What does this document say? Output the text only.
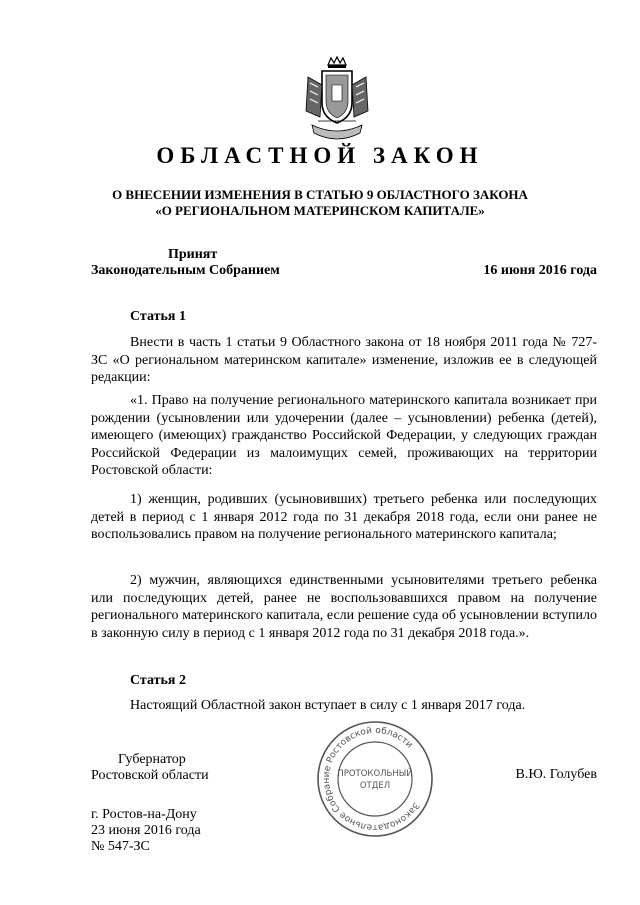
ОБЛАСТНОЙ ЗАКОН
О ВНЕСЕНИИ ИЗМЕНЕНИЯ В СТАТЬЮ 9 ОБЛАСТНОГО ЗАКОНА
«О РЕГИОНАЛЬНОМ МАТЕРИНСКОМ КАПИТАЛЕ»
Принят
Законодательным Собранием	16 июня 2016 года
Статья 1
Внести в часть 1 статьи 9 Областного закона от 18 ноября 2011 года № 727-ЗС «О региональном материнском капитале» изменение, изложив ее в следующей редакции:
«1. Право на получение регионального материнского капитала возникает при рождении (усыновлении или удочерении (далее – усыновлении) ребенка (детей), имеющего (имеющих) гражданство Российской Федерации, у следующих граждан Российской Федерации из малоимущих семей, проживающих на территории Ростовской области:
1) женщин, родивших (усыновивших) третьего ребенка или последующих детей в период с 1 января 2012 года по 31 декабря 2018 года, если они ранее не воспользовались правом на получение регионального материнского капитала;
2) мужчин, являющихся единственными усыновителями третьего ребенка или последующих детей, ранее не воспользовавшихся правом на получение регионального материнского капитала, если решение суда об усыновлении вступило в законную силу в период с 1 января 2012 года по 31 декабря 2018 года.».
Статья 2
Настоящий Областной закон вступает в силу с 1 января 2017 года.
Губернатор
Ростовской области	В.Ю. Голубев
г. Ростов-на-Дону
23 июня 2016 года
№ 547-ЗС
Законодательное Собрание Ростовской области
ПРОТОКОЛЬНЫЙ
ОТДЕЛ
